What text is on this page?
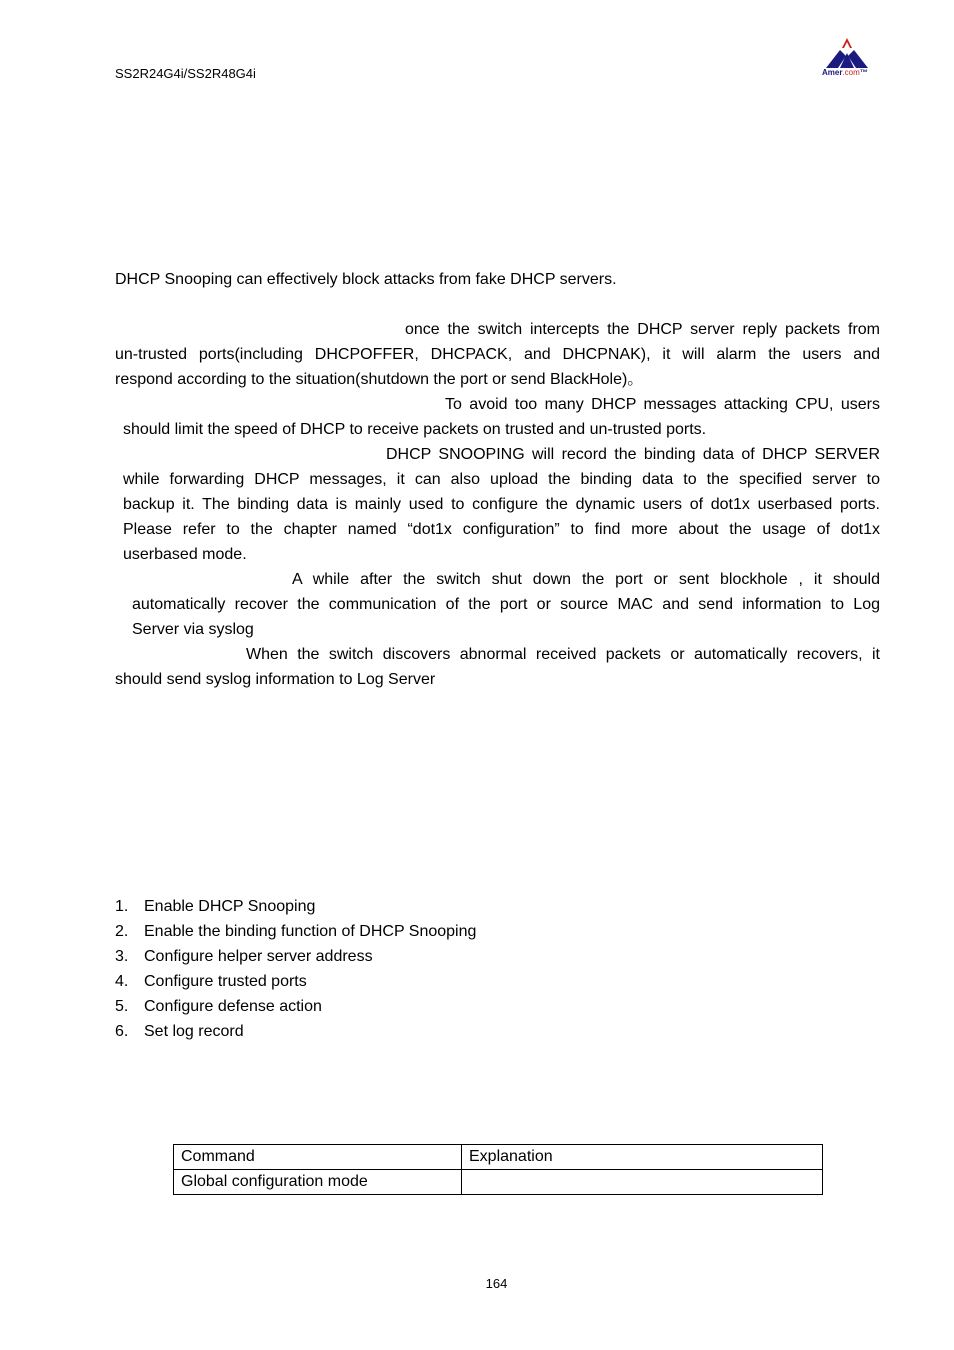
SS2R24G4i/SS2R48G4i	Amer.com™
DHCP Snooping can effectively block attacks from fake DHCP servers.
once the switch intercepts the DHCP server reply packets from
un-trusted ports(including DHCPOFFER, DHCPACK, and DHCPNAK), it will alarm the users and
respond according to the situation(shutdown the port or send BlackHole)。
To avoid too many DHCP messages attacking CPU, users
should limit the speed of DHCP to receive packets on trusted and un-trusted ports.
DHCP SNOOPING will record the binding data of DHCP SERVER
while forwarding DHCP messages, it can also upload the binding data to the specified server to
backup it. The binding data is mainly used to configure the dynamic users of dot1x userbased ports.
Please refer to the chapter named “dot1x configuration” to find more about the usage of dot1x
userbased mode.
A while after the switch shut down the port or sent blockhole , it should
automatically recover the communication of the port or source MAC and send information to Log
Server via syslog
When the switch discovers abnormal received packets or automatically recovers, it
should send syslog information to Log Server
1. Enable DHCP Snooping
2. Enable the binding function of DHCP Snooping
3. Configure helper server address
4. Configure trusted ports
5. Configure defense action
6. Set log record
Command	Explanation
Global configuration mode	
164
